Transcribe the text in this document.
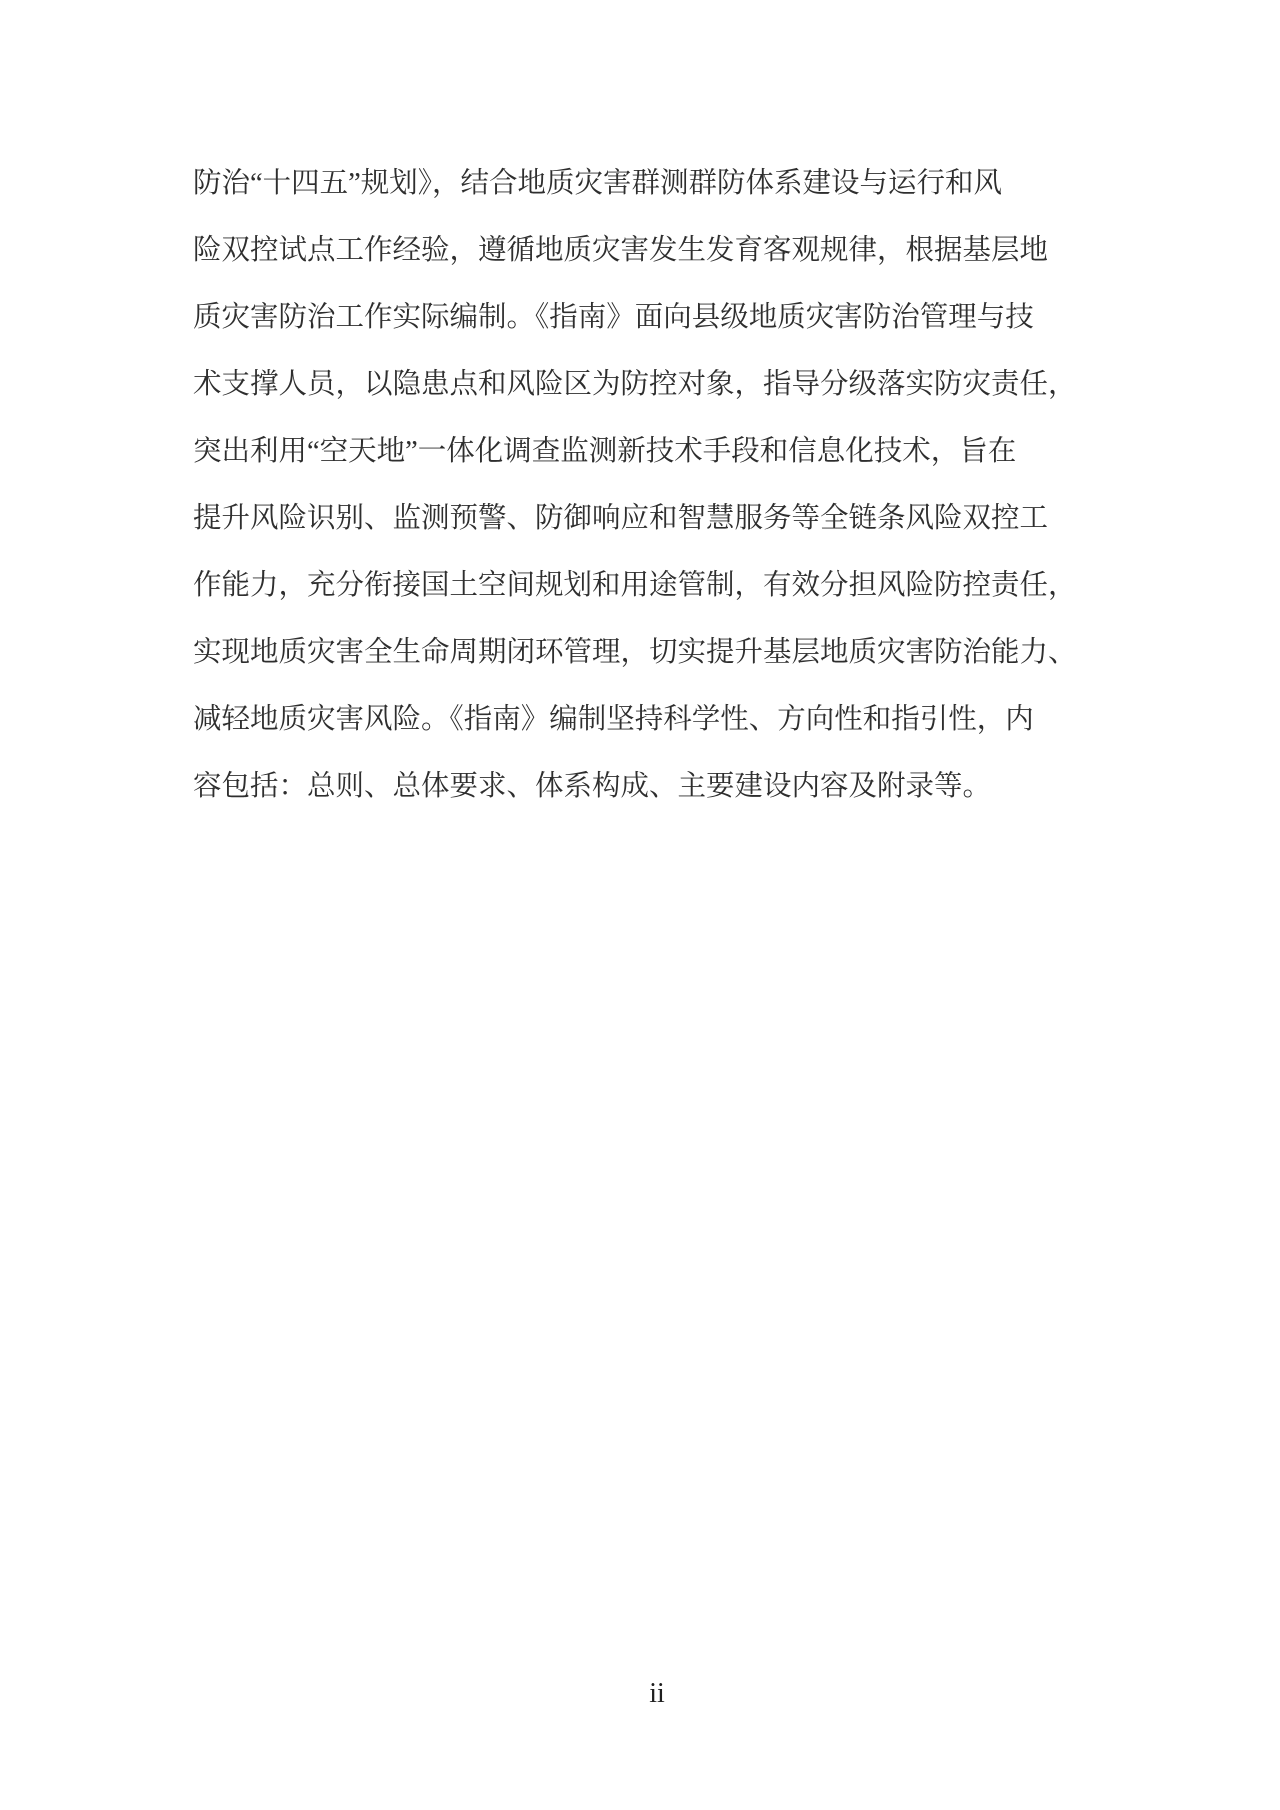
防治“十四五”规划》，结合地质灾害群测群防体系建设与运行和风
险双控试点工作经验，遵循地质灾害发生发育客观规律，根据基层地
质灾害防治工作实际编制。《指南》面向县级地质灾害防治管理与技
术支撑人员，以隐患点和风险区为防控对象，指导分级落实防灾责任，
突出利用“空天地”一体化调查监测新技术手段和信息化技术，旨在
提升风险识别、监测预警、防御响应和智慧服务等全链条风险双控工
作能力，充分衔接国土空间规划和用途管制，有效分担风险防控责任，
实现地质灾害全生命周期闭环管理，切实提升基层地质灾害防治能力、
减轻地质灾害风险。《指南》编制坚持科学性、方向性和指引性，内
容包括：总则、总体要求、体系构成、主要建设内容及附录等。
ii
